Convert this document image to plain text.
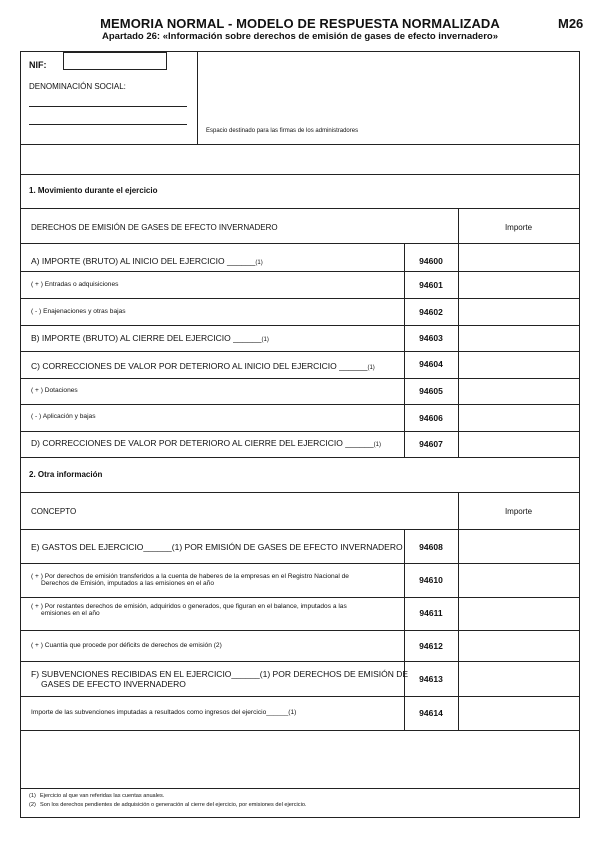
MEMORIA NORMAL - MODELO DE RESPUESTA NORMALIZADA
Apartado 26: «Información sobre derechos de emisión de gases de efecto invernadero»
M26
NIF:
DENOMINACIÓN SOCIAL:
Espacio destinado para las firmas de los administradores
1. Movimiento durante el ejercicio
DERECHOS DE EMISIÓN DE GASES DE EFECTO INVERNADERO	Importe
A) IMPORTE (BRUTO) AL INICIO DEL EJERCICIO ______(1)	94600
( + ) Entradas o adquisiciones	94601
( - ) Enajenaciones y otras bajas	94602
B) IMPORTE (BRUTO) AL CIERRE DEL EJERCICIO ______(1)	94603
C) CORRECCIONES DE VALOR POR DETERIORO AL INICIO DEL EJERCICIO ______(1)	94604
( + ) Dotaciones	94605
( - ) Aplicación y bajas	94606
D) CORRECCIONES DE VALOR POR DETERIORO AL CIERRE DEL EJERCICIO ______(1)	94607
2. Otra información
CONCEPTO	Importe
E) GASTOS DEL EJERCICIO______(1) POR EMISIÓN DE GASES DE EFECTO INVERNADERO	94608
( + ) Por derechos de emisión transferidos a la cuenta de haberes de la empresas en el Registro Nacional de
Derechos de Emisión, imputados a las emisiones en el año	94610
( + ) Por restantes derechos de emisión, adquiridos o generados, que figuran en el balance, imputados a las
emisiones en el año	94611
( + ) Cuantía que procede por déficits de derechos de emisión (2)	94612
F) SUBVENCIONES RECIBIDAS EN EL EJERCICIO______(1) POR DERECHOS DE EMISIÓN DE
GASES DE EFECTO INVERNADERO	94613
Importe de las subvenciones imputadas a resultados como ingresos del ejercicio______(1)	94614
(1) Ejercicio al que van referidas las cuentas anuales.
(2) Son los derechos pendientes de adquisición o generación al cierre del ejercicio, por emisiones del ejercicio.
